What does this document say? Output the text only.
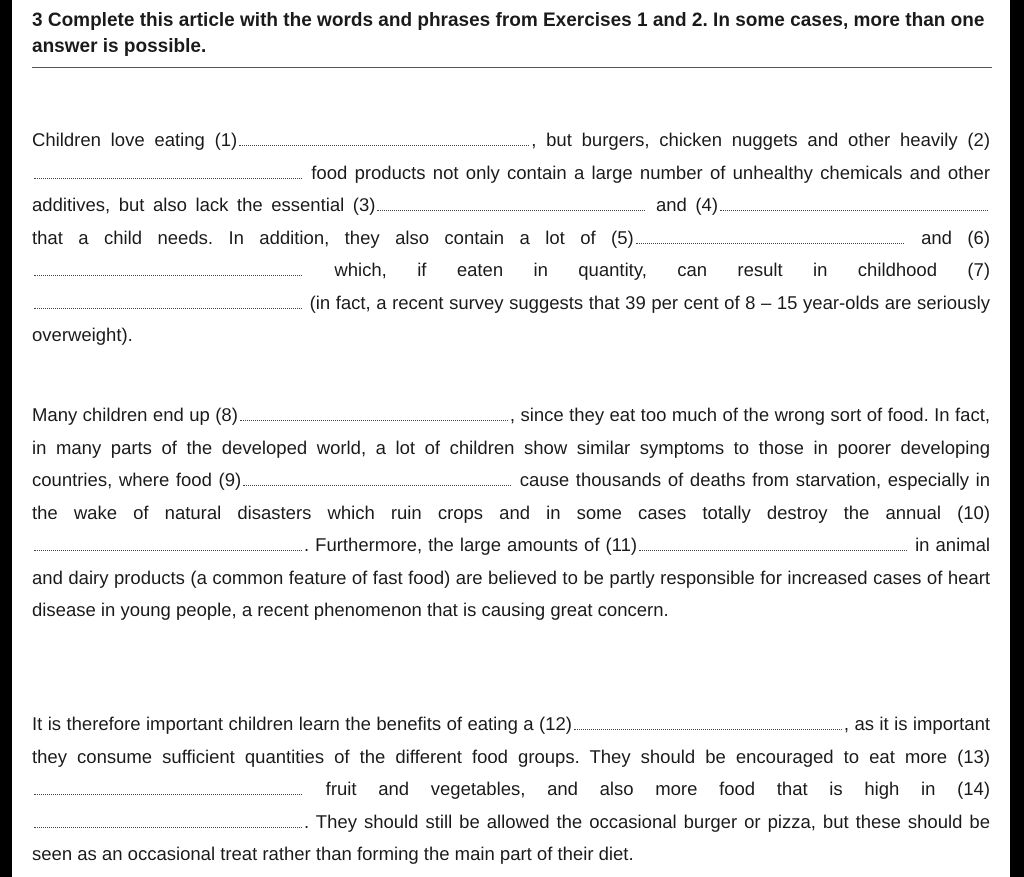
3 Complete this article with the words and phrases from Exercises 1 and 2. In some cases, more than one answer is possible.

Children love eating (1)	, but burgers, chicken nuggets and other heavily (2) food products not only contain a large number of unhealthy chemicals and other additives, but also lack the essential (3)	and (4) that a child needs. In addition, they also contain a lot of (5)	and (6) which, if eaten in quantity, can result in childhood (7) (in fact, a recent survey suggests that 39 per cent of 8 – 15 year-olds are seriously overweight).

Many children end up (8)	, since they eat too much of the wrong sort of food. In fact, in many parts of the developed world, a lot of children show similar symptoms to those in poorer developing countries, where food (9)	cause thousands of deaths from starvation, especially in the wake of natural disasters which ruin crops and in some cases totally destroy the annual (10). Furthermore, the large amounts of (11)	in animal and dairy products (a common feature of fast food) are believed to be partly responsible for increased cases of heart disease in young people, a recent phenomenon that is causing great concern.

It is therefore important children learn the benefits of eating a (12)	, as it is important they consume sufficient quantities of the different food groups. They should be encouraged to eat more (13) fruit and vegetables, and also more food that is high in (14). They should still be allowed the occasional burger or pizza, but these should be seen as an occasional treat rather than forming the main part of their diet.
